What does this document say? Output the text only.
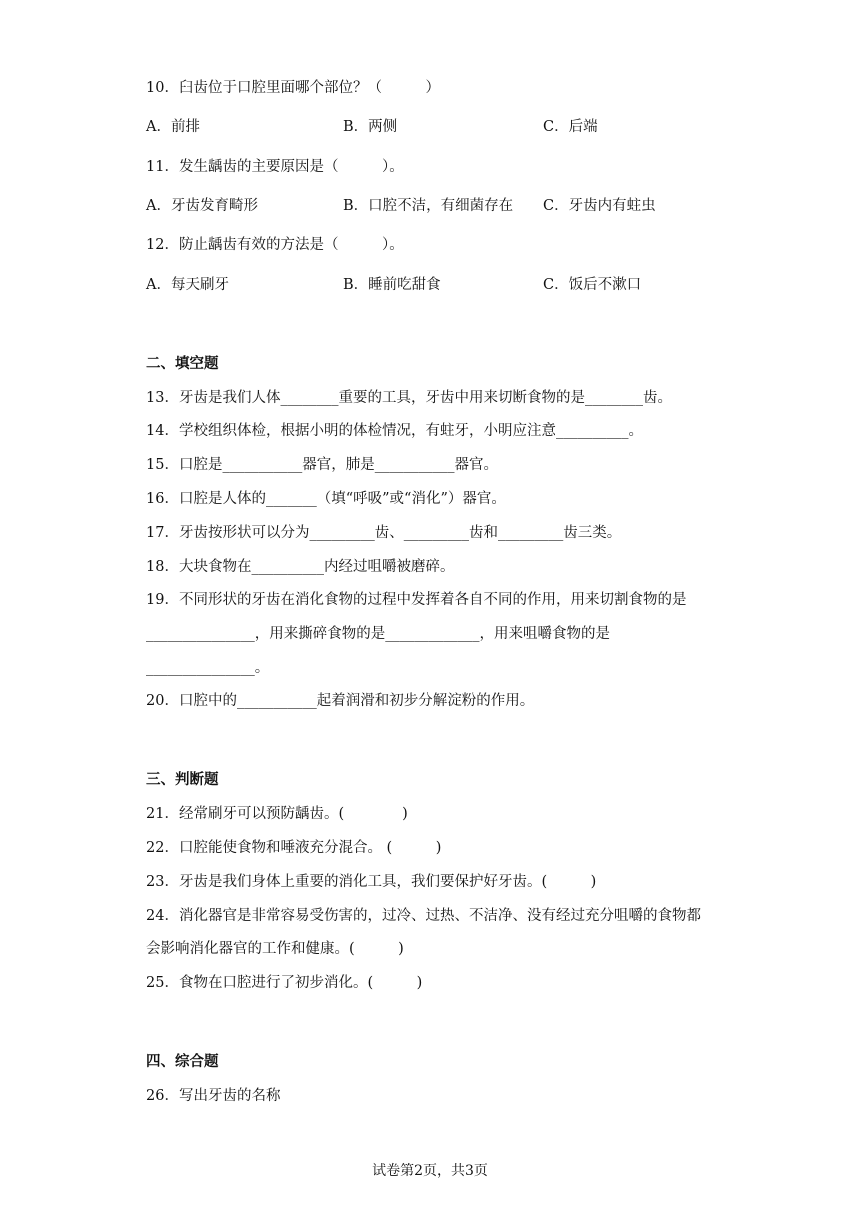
10．臼齿位于口腔里面哪个部位？（　　　）
A．前排	B．两侧	C．后端
11．发生龋齿的主要原因是（　　　）。
A．牙齿发育畸形	B．口腔不洁，有细菌存在 C．牙齿内有蛀虫
12．防止龋齿有效的方法是（　　　）。
A．每天刷牙	B．睡前吃甜食	C．饭后不漱口
二、填空题
13．牙齿是我们人体________重要的工具，牙齿中用来切断食物的是________齿。
14．学校组织体检，根据小明的体检情况，有蛀牙，小明应注意__________。
15．口腔是___________器官，肺是___________器官。
16．口腔是人体的_______（填“呼吸”或“消化”）器官。
17．牙齿按形状可以分为_________齿、_________齿和_________齿三类。
18．大块食物在__________内经过咀嚼被磨碎。
19．不同形状的牙齿在消化食物的过程中发挥着各自不同的作用，用来切割食物的是
_______________，用来撕碎食物的是_____________，用来咀嚼食物的是
_______________。
20．口腔中的___________起着润滑和初步分解淀粉的作用。
三、判断题
21．经常刷牙可以预防龋齿。(　　　　)
22．口腔能使食物和唾液充分混合。 (　　　)
23．牙齿是我们身体上重要的消化工具，我们要保护好牙齿。(　　　)
24．消化器官是非常容易受伤害的，过冷、过热、不洁净、没有经过充分咀嚼的食物都
会影响消化器官的工作和健康。(　　　)
25．食物在口腔进行了初步消化。(　　　)
四、综合题
26．写出牙齿的名称
试卷第2页，共3页
